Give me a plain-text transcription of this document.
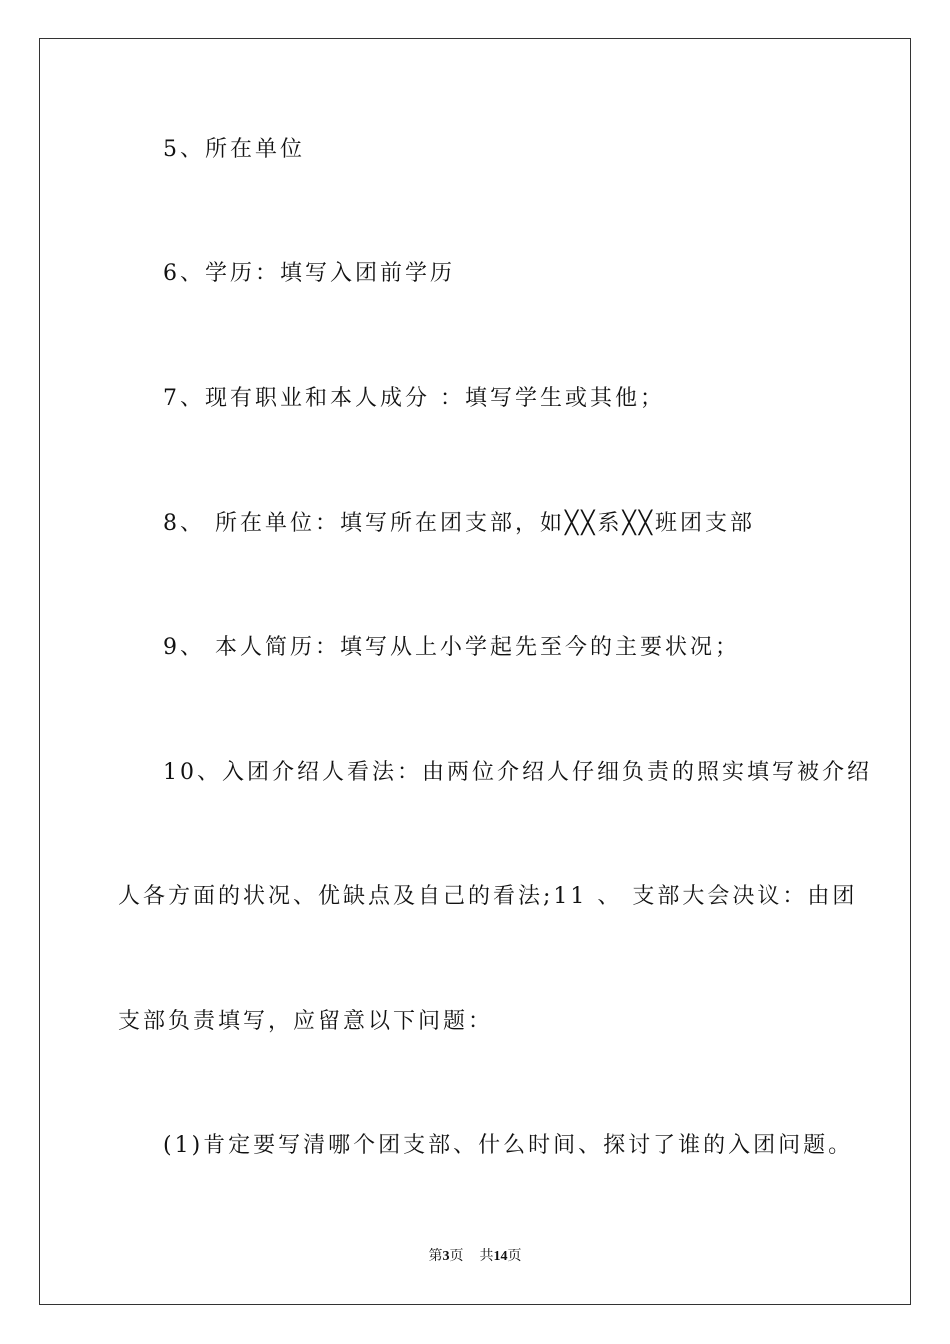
5、所在单位
6、学历：填写入团前学历
7、现有职业和本人成分 ：填写学生或其他；
8、 所在单位：填写所在团支部，如╳╳系╳╳班团支部
9、 本人简历：填写从上小学起先至今的主要状况；
10、入团介绍人看法：由两位介绍人仔细负责的照实填写被介绍
人各方面的状况、优缺点及自己的看法;11 、 支部大会决议：由团
支部负责填写，应留意以下问题：
(1)肯定要写清哪个团支部、什么时间、探讨了谁的入团问题。
第3页 共14页
